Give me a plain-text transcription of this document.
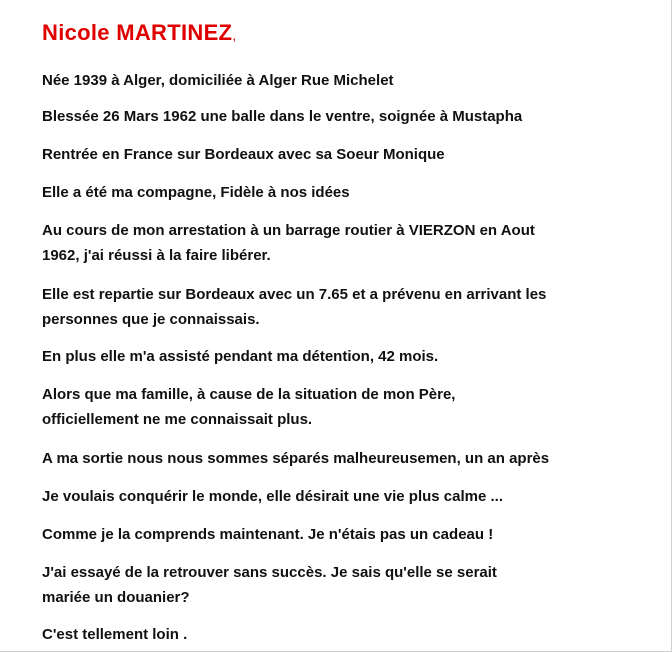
Nicole MARTINEZ,
Née 1939 à Alger, domiciliée à Alger Rue Michelet
Blessée 26 Mars 1962 une balle dans le ventre, soignée à Mustapha
Rentrée en France sur Bordeaux avec sa Soeur Monique
Elle a été ma compagne, Fidèle à nos idées
Au cours de mon arrestation à un barrage routier à VIERZON en Aout
1962, j'ai réussi à la faire libérer.
Elle est repartie sur Bordeaux avec un 7.65 et a prévenu en arrivant les
personnes que je connaissais.
En plus elle m'a assisté pendant ma détention, 42 mois.
Alors que ma famille, à cause de la situation de mon Père,
officiellement ne me connaissait plus.
A ma sortie nous nous sommes séparés malheureusemen, un an après
Je voulais conquérir le monde, elle désirait une vie plus calme ...
Comme je la comprends maintenant. Je n'étais pas un cadeau !
J'ai essayé de la retrouver sans succès. Je sais qu'elle se serait
mariée un douanier?
C'est tellement loin .
